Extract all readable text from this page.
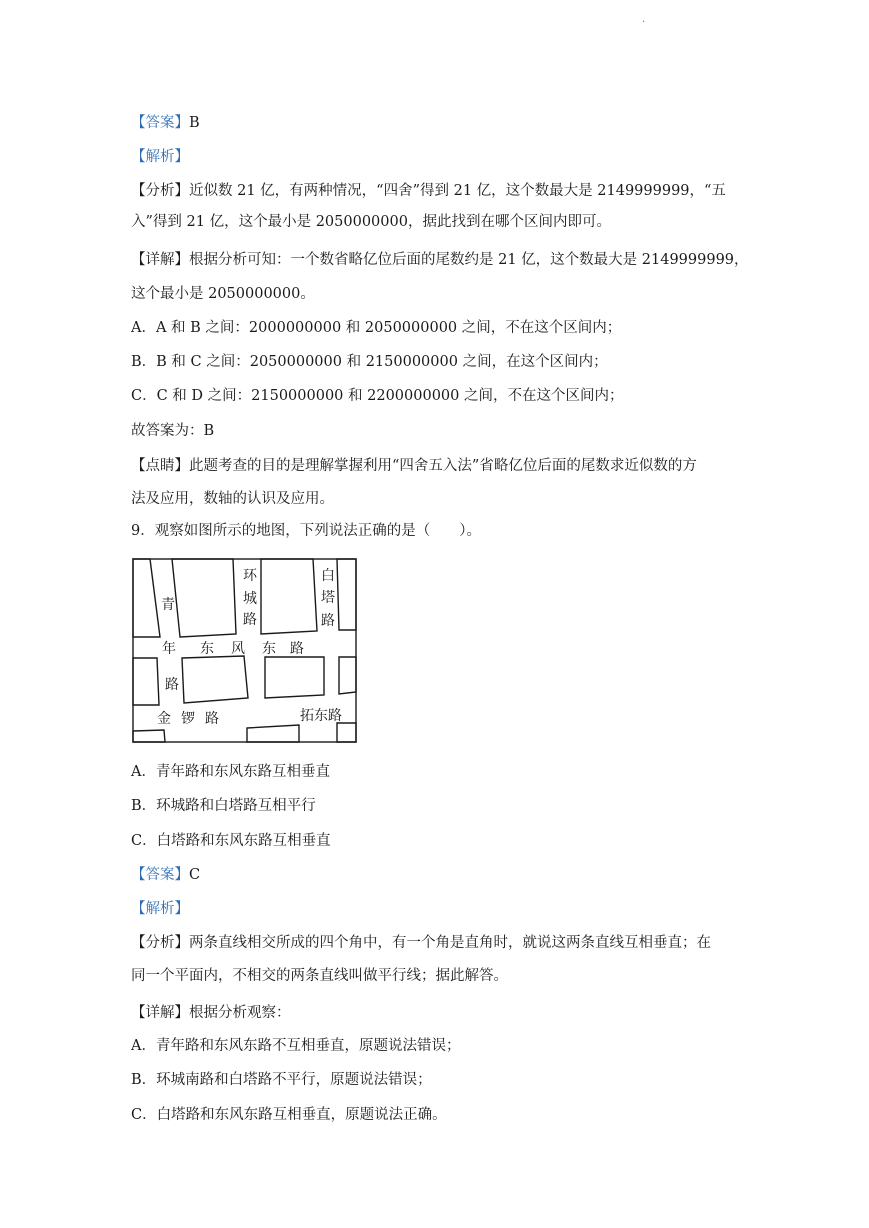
.
【答案】B
【解析】
【分析】近似数 21 亿，有两种情况，“四舍”得到 21 亿，这个数最大是 2149999999，“五
入”得到 21 亿，这个最小是 2050000000，据此找到在哪个区间内即可。
【详解】根据分析可知：一个数省略亿位后面的尾数约是 21 亿，这个数最大是 2149999999，
这个最小是 2050000000。
A．A 和 B 之间：2000000000 和 2050000000 之间，不在这个区间内；
B．B 和 C 之间：2050000000 和 2150000000 之间，在这个区间内；
C．C 和 D 之间：2150000000 和 2200000000 之间，不在这个区间内；
故答案为：B
【点睛】此题考查的目的是理解掌握利用“四舍五入法”省略亿位后面的尾数求近似数的方
法及应用，数轴的认识及应用。
9．观察如图所示的地图，下列说法正确的是（　　）。
A．青年路和东风东路互相垂直
B．环城路和白塔路互相平行
C．白塔路和东风东路互相垂直
【答案】C
【解析】
【分析】两条直线相交所成的四个角中，有一个角是直角时，就说这两条直线互相垂直；在
同一个平面内，不相交的两条直线叫做平行线；据此解答。
【详解】根据分析观察：
A．青年路和东风东路不互相垂直，原题说法错误；
B．环城南路和白塔路不平行，原题说法错误；
C．白塔路和东风东路互相垂直，原题说法正确。
青
年
路
环
城
路
白
塔
路
东 风 东 路
金 锣 路	拓东路
